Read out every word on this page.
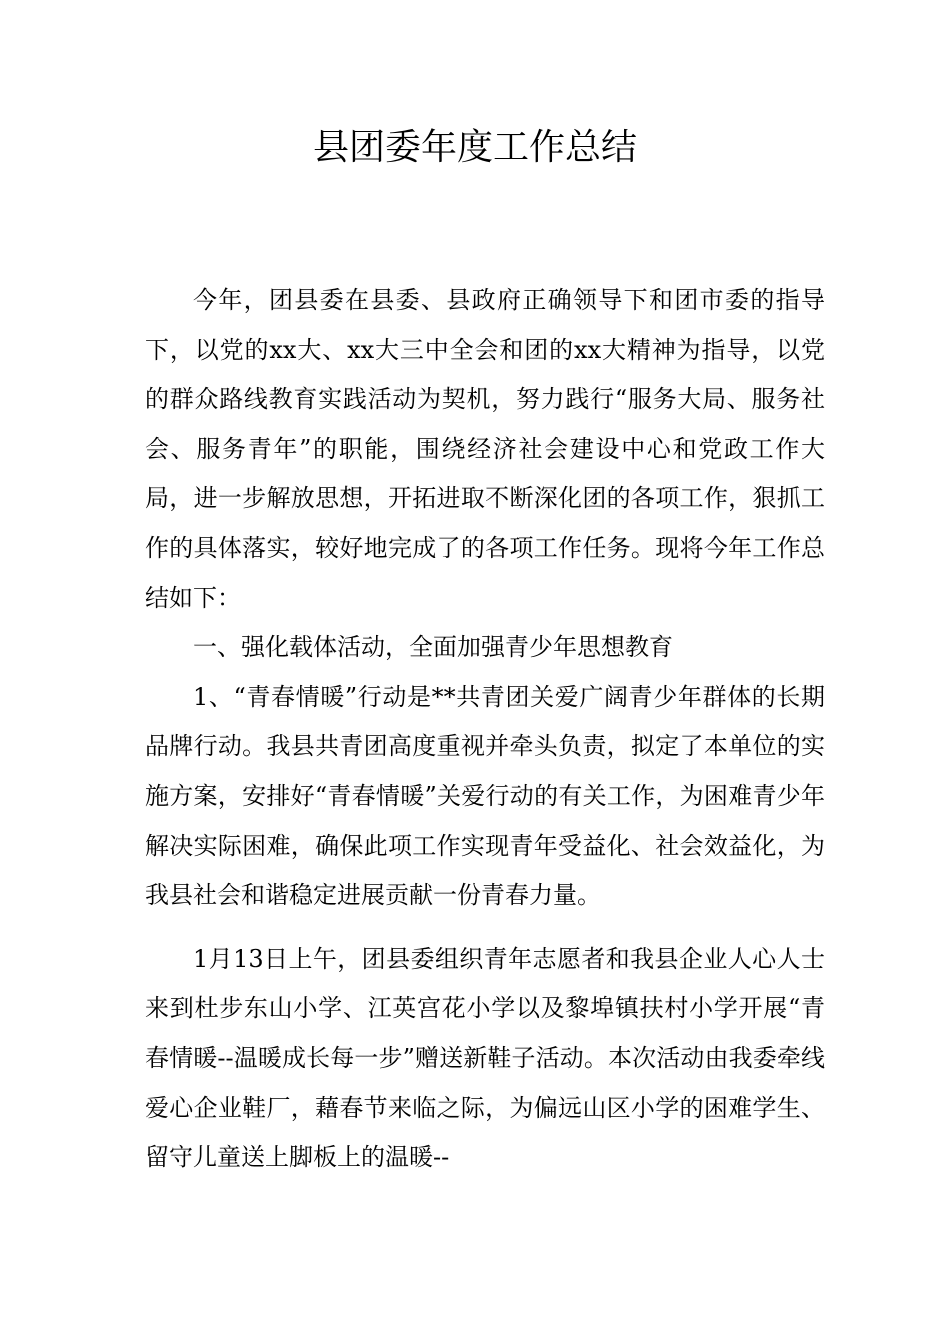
县团委年度工作总结

今年，团县委在县委、县政府正确领导下和团市委的指导下，以党的xx大、xx大三中全会和团的xx大精神为指导，以党的群众路线教育实践活动为契机，努力践行“服务大局、服务社会、服务青年”的职能，围绕经济社会建设中心和党政工作大局，进一步解放思想，开拓进取不断深化团的各项工作，狠抓工作的具体落实，较好地完成了的各项工作任务。现将今年工作总结如下：

一、强化载体活动，全面加强青少年思想教育

1、“青春情暖”行动是**共青团关爱广阔青少年群体的长期品牌行动。我县共青团高度重视并牵头负责，拟定了本单位的实施方案，安排好“青春情暖”关爱行动的有关工作，为困难青少年解决实际困难，确保此项工作实现青年受益化、社会效益化，为我县社会和谐稳定进展贡献一份青春力量。

1月13日上午，团县委组织青年志愿者和我县企业人心人士来到杜步东山小学、江英宫花小学以及黎埠镇扶村小学开展“青春情暖--温暖成长每一步”赠送新鞋子活动。本次活动由我委牵线爱心企业鞋厂，藉春节来临之际，为偏远山区小学的困难学生、留守儿童送上脚板上的温暖--
